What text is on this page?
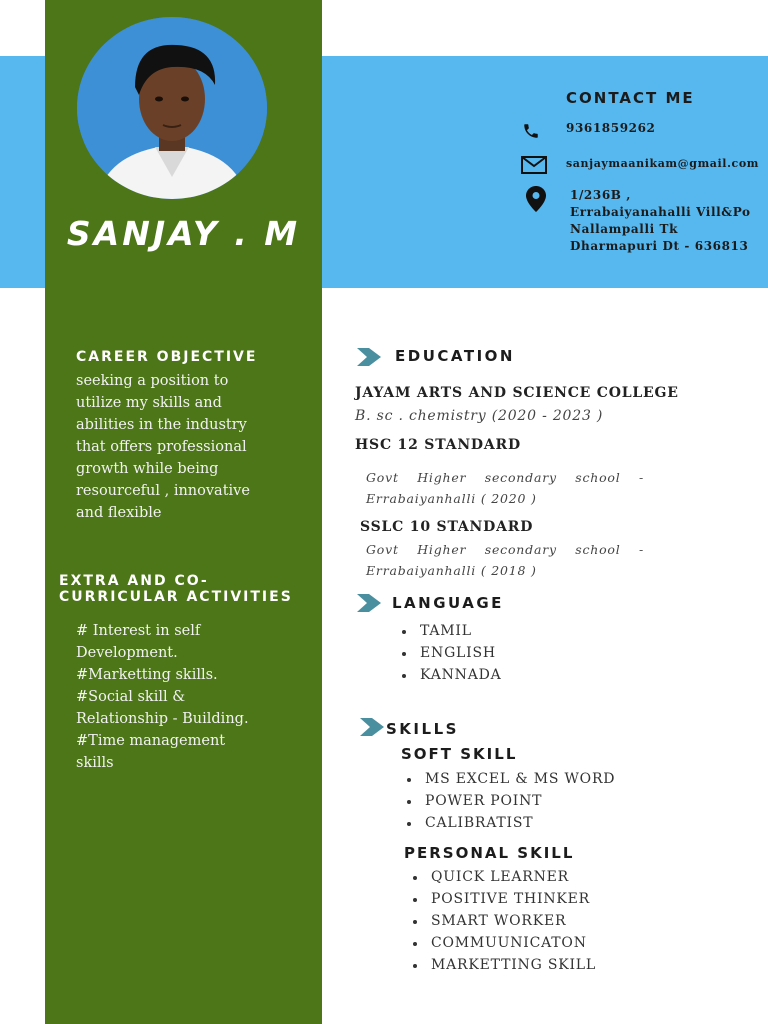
SANJAY . M
CONTACT ME
9361859262
sanjaymaanikam@gmail.com
1/236B ,
Errabaiyanahalli Vill&Po
Nallampalli Tk
Dharmapuri Dt - 636813
CAREER OBJECTIVE
seeking a position to
utilize my skills and
abilities in the industry
that offers professional
growth while being
resourceful , innovative
and flexible
EXTRA AND CO-
CURRICULAR ACTIVITIES
# Interest in self
Development.
#Marketting skills.
#Social skill &
Relationship - Building.
#Time management
skills
EDUCATION
JAYAM ARTS AND SCIENCE COLLEGE
B. sc . chemistry (2020 - 2023 )
HSC 12 STANDARD
Govt Higher secondary school - Errabaiyanhalli ( 2020 )
SSLC 10 STANDARD
Govt Higher secondary school - Errabaiyanhalli ( 2018 )
LANGUAGE
TAMIL
ENGLISH
KANNADA
SKILLS
SOFT SKILL
MS EXCEL & MS WORD
POWER POINT
CALIBRATIST
PERSONAL SKILL
QUICK LEARNER
POSITIVE THINKER
SMART WORKER
COMMUUNICATON
MARKETTING SKILL
